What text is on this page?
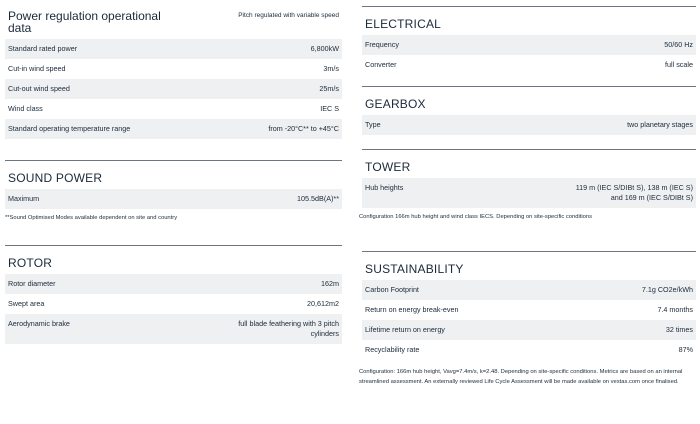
Power regulation operational data
Pitch regulated with variable speed
Standard rated power	6,800kW
Cut-in wind speed	3m/s
Cut-out wind speed	25m/s
Wind class	IEC S
Standard operating temperature range	from -20°C** to +45°C
SOUND POWER
Maximum	105.5dB(A)**
**Sound Optimised Modes available dependent on site and country
ROTOR
Rotor diameter	162m
Swept area	20,612m2
Aerodynamic brake	full blade feathering with 3 pitch cylinders
ELECTRICAL
Frequency	50/60 Hz
Converter	full scale
GEARBOX
Type	two planetary stages
TOWER
Hub heights	119 m (IEC S/DIBt S), 138 m (IEC S) and 169 m (IEC S/DIBt S)
Configuration 166m hub height and wind class IECS. Depending on site-specific conditions
SUSTAINABILITY
Carbon Footprint	7.1g CO2e/kWh
Return on energy break-even	7.4 months
Lifetime return on energy	32 times
Recyclability rate	87%
Configuration: 166m hub height, Vavg=7.4m/s, k=2.48. Depending on site-specific conditions. Metrics are based on an internal streamlined assessment. An externally reviewed Life Cycle Assessment will be made available on vestas.com once finalised.
